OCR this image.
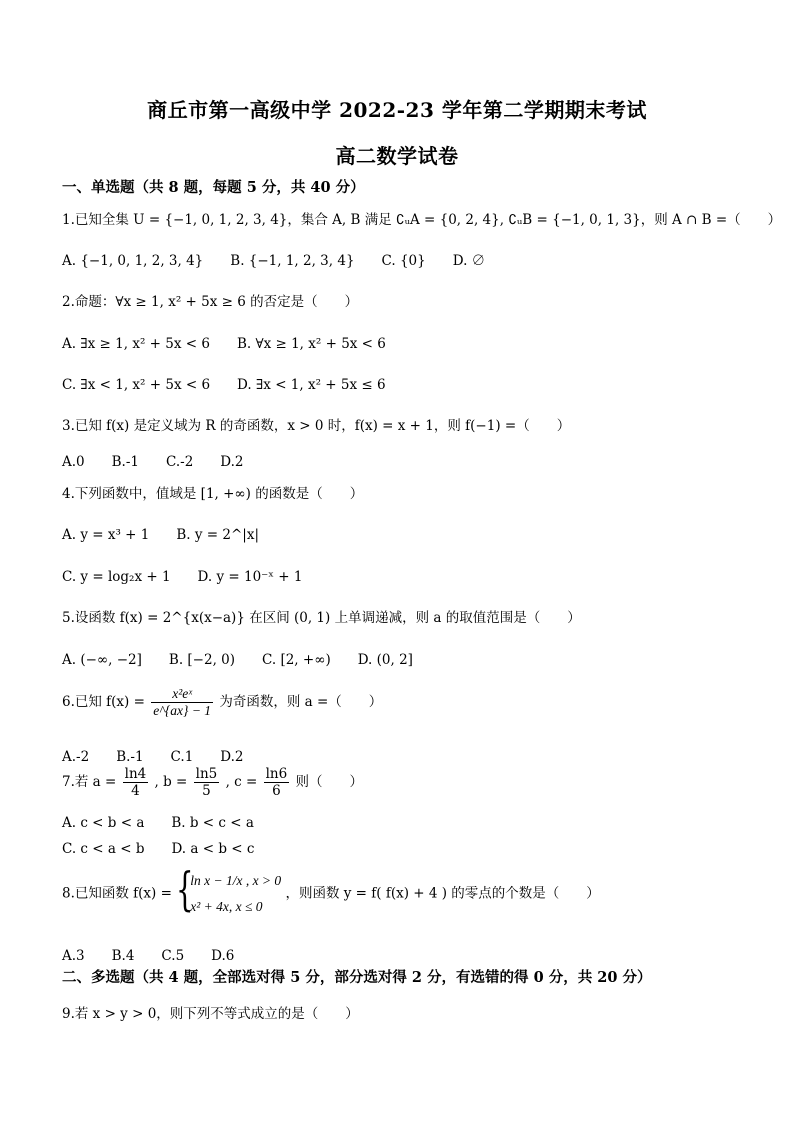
商丘市第一高级中学 2022-23 学年第二学期期末考试
高二数学试卷
一、单选题（共 8 题，每题 5 分，共 40 分）
1.已知全集 U = {−1, 0, 1, 2, 3, 4}，集合 A, B 满足 ∁ᵤA = {0, 2, 4}, ∁ᵤB = {−1, 0, 1, 3}，则 A ∩ B =（　　）
A. {−1, 0, 1, 2, 3, 4}　　B. {−1, 1, 2, 3, 4}　　C. {0}　　D. ∅
2.命题：∀x ≥ 1, x² + 5x ≥ 6 的否定是（　　）
A. ∃x ≥ 1, x² + 5x < 6　　B. ∀x ≥ 1, x² + 5x < 6
C. ∃x < 1, x² + 5x < 6　　D. ∃x < 1, x² + 5x ≤ 6
3.已知 f(x) 是定义域为 R 的奇函数，x > 0 时，f(x) = x + 1，则 f(−1) =（　　）
A.0　　B.-1　　C.-2　　D.2
4.下列函数中，值域是 [1, +∞) 的函数是（　　）
A. y = x³ + 1　　B. y = 2^|x|
C. y = log₂x + 1　　D. y = 10⁻ˣ + 1
5.设函数 f(x) = 2^{x(x−a)} 在区间 (0, 1) 上单调递减，则 a 的取值范围是（　　）
A. (−∞, −2]　　B. [−2, 0)　　C. [2, +∞)　　D. (0, 2]
6.已知 $f(x) = \frac{\text{x²eˣ}}{e\^{}\{ax\} - 1}$ 为奇函数，则 a =（　　）
A.-2　　B.-1　　C.1　　D.2
7.若 $a = \frac{\ln 4}{4}$ , $b = \frac{\ln 5}{5}$ , $c = \frac{\ln 6}{6}$ 则（　　）
A. c < b < a　　B. b < c < a
C. c < a < b　　D. a < b < c
8.已知函数 f(x) = {
ln x − 1/x , x > 0
x² + 4x, x ≤ 0
，则函数 y = f( f(x) + 4 ) 的零点的个数是（　　）
A.3　　B.4　　C.5　　D.6
二、多选题（共 4 题，全部选对得 5 分，部分选对得 2 分，有选错的得 0 分，共 20 分）
9.若 x > y > 0，则下列不等式成立的是（　　）
